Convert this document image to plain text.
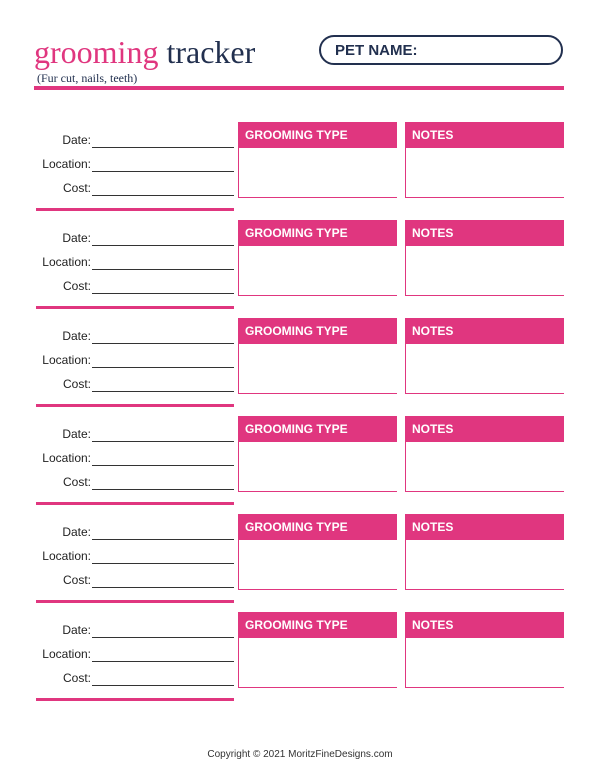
grooming tracker
(Fur cut, nails, teeth)
PET NAME:
Date:
Location:
Cost:
GROOMING TYPE	NOTES
Date:
Location:
Cost:
GROOMING TYPE	NOTES
Date:
Location:
Cost:
GROOMING TYPE	NOTES
Date:
Location:
Cost:
GROOMING TYPE	NOTES
Date:
Location:
Cost:
GROOMING TYPE	NOTES
Date:
Location:
Cost:
GROOMING TYPE	NOTES
Copyright © 2021 MoritzFineDesigns.com
